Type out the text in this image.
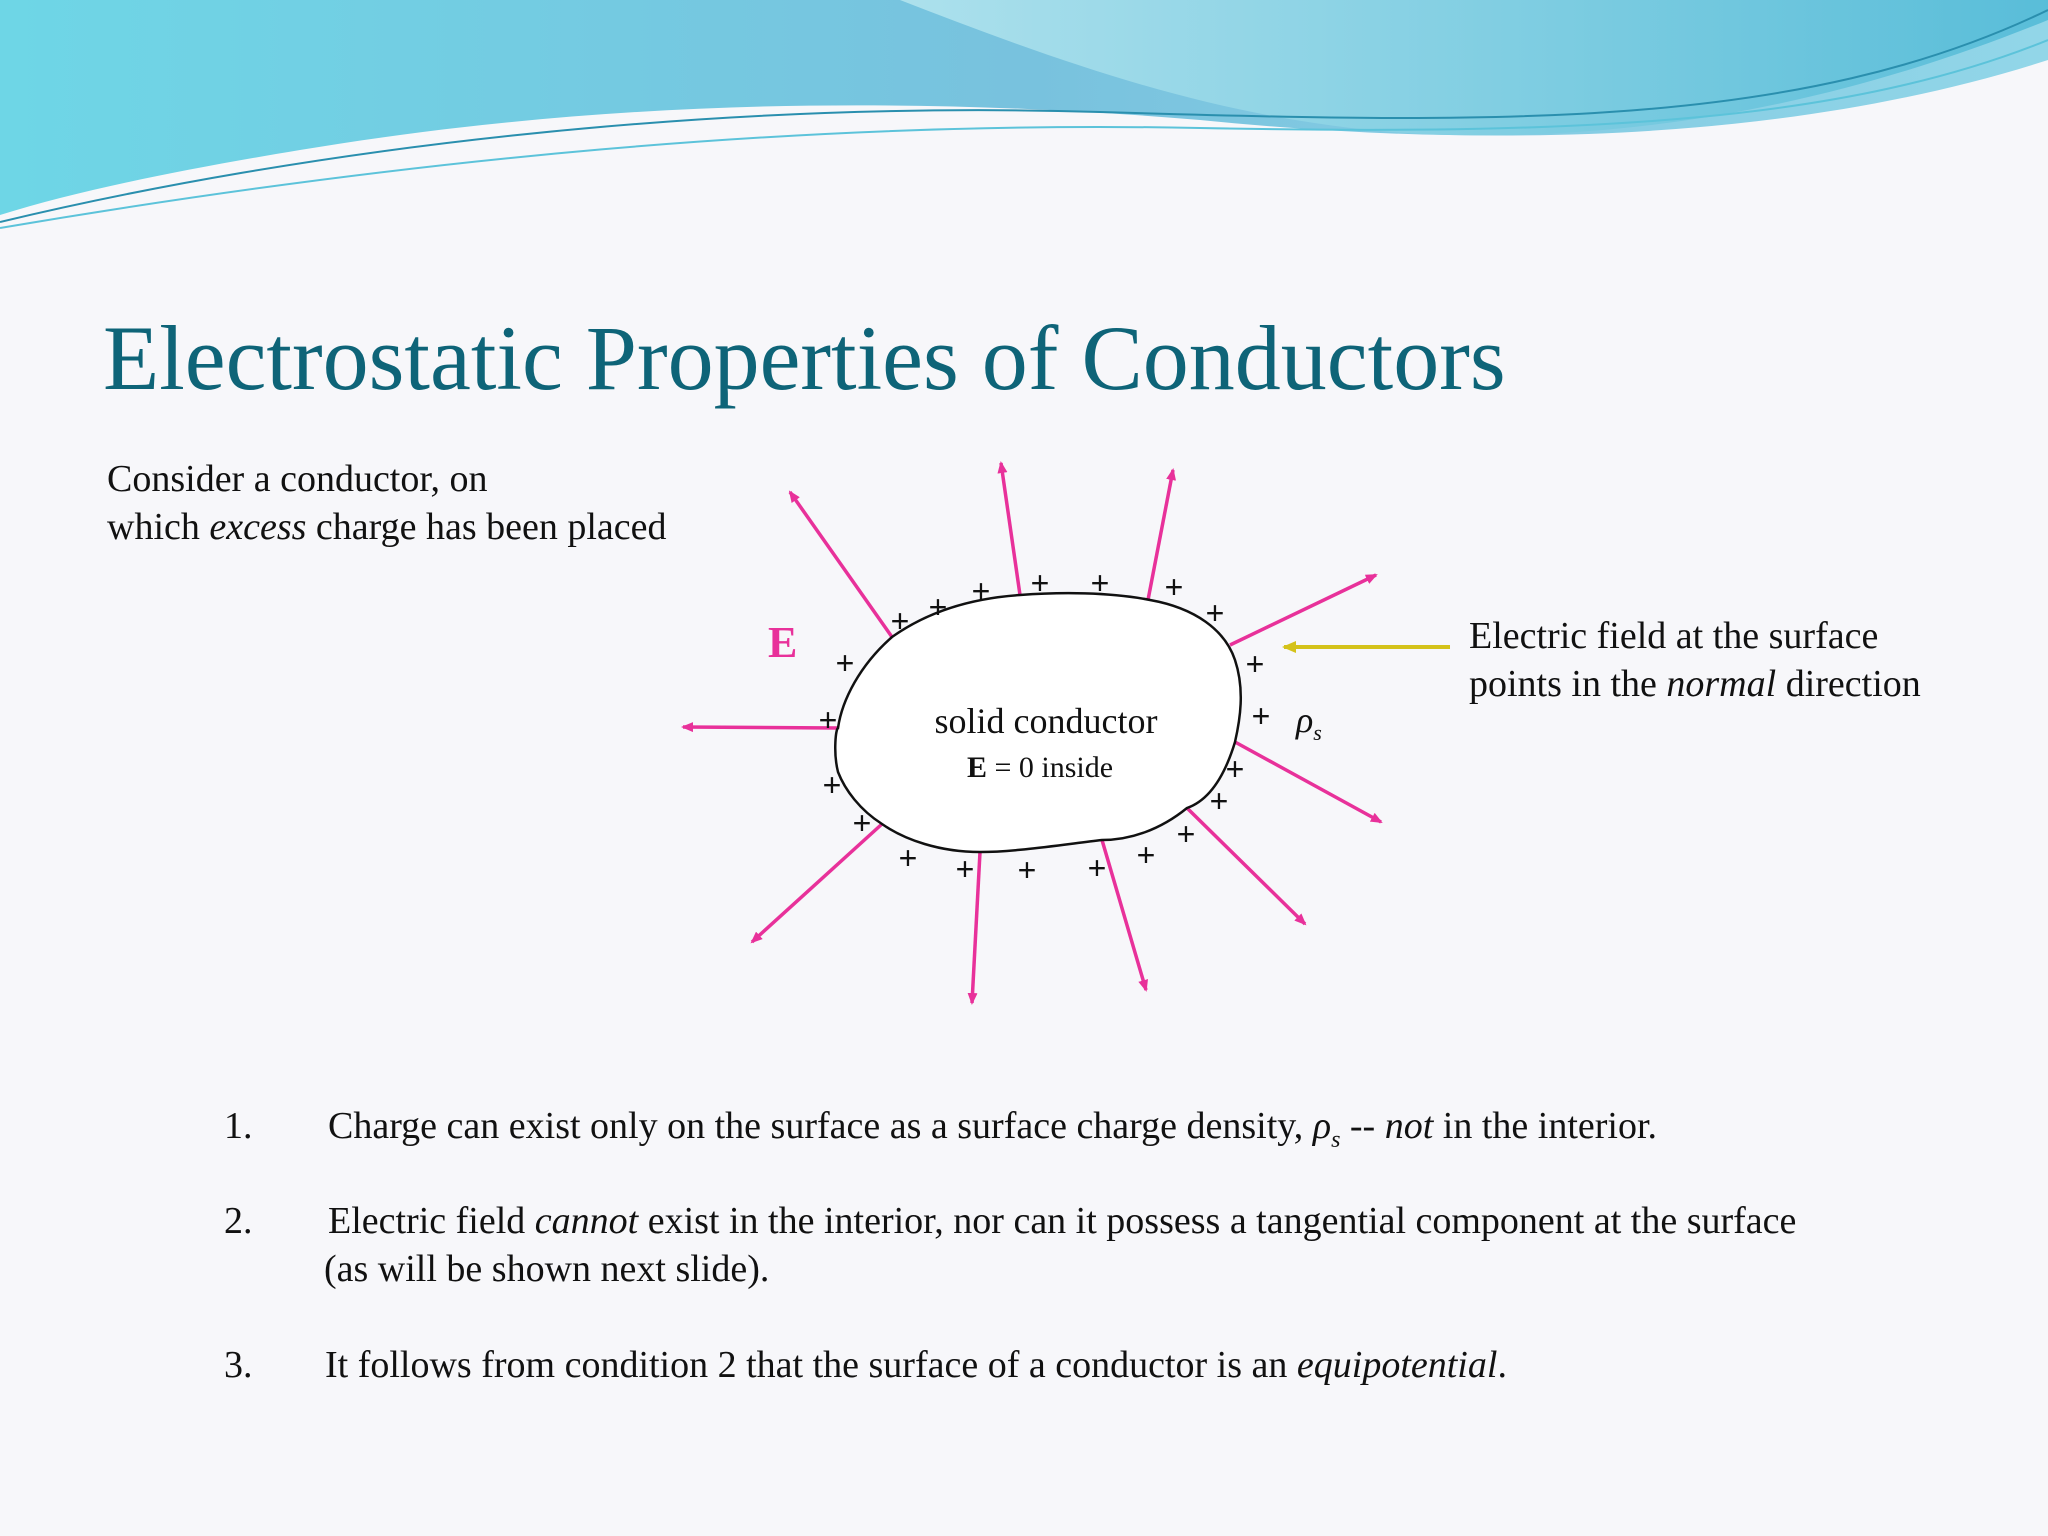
Electrostatic Properties of Conductors
Consider a conductor, on
which excess charge has been placed
E
solid conductor
E = 0 inside
$\rho_s$
+ + + + + +
+
+
+
+
+
+
+
+
+
+
+
+
+
+
+
Electric field at the surface
points in the normal direction
1. Charge can exist only on the surface as a surface charge density, $\rho_s$ -- not in the interior.
2. Electric field cannot exist in the interior, nor can it possess a tangential component at the surface
(as will be shown next slide).
3. It follows from condition 2 that the surface of a conductor is an equipotential.
